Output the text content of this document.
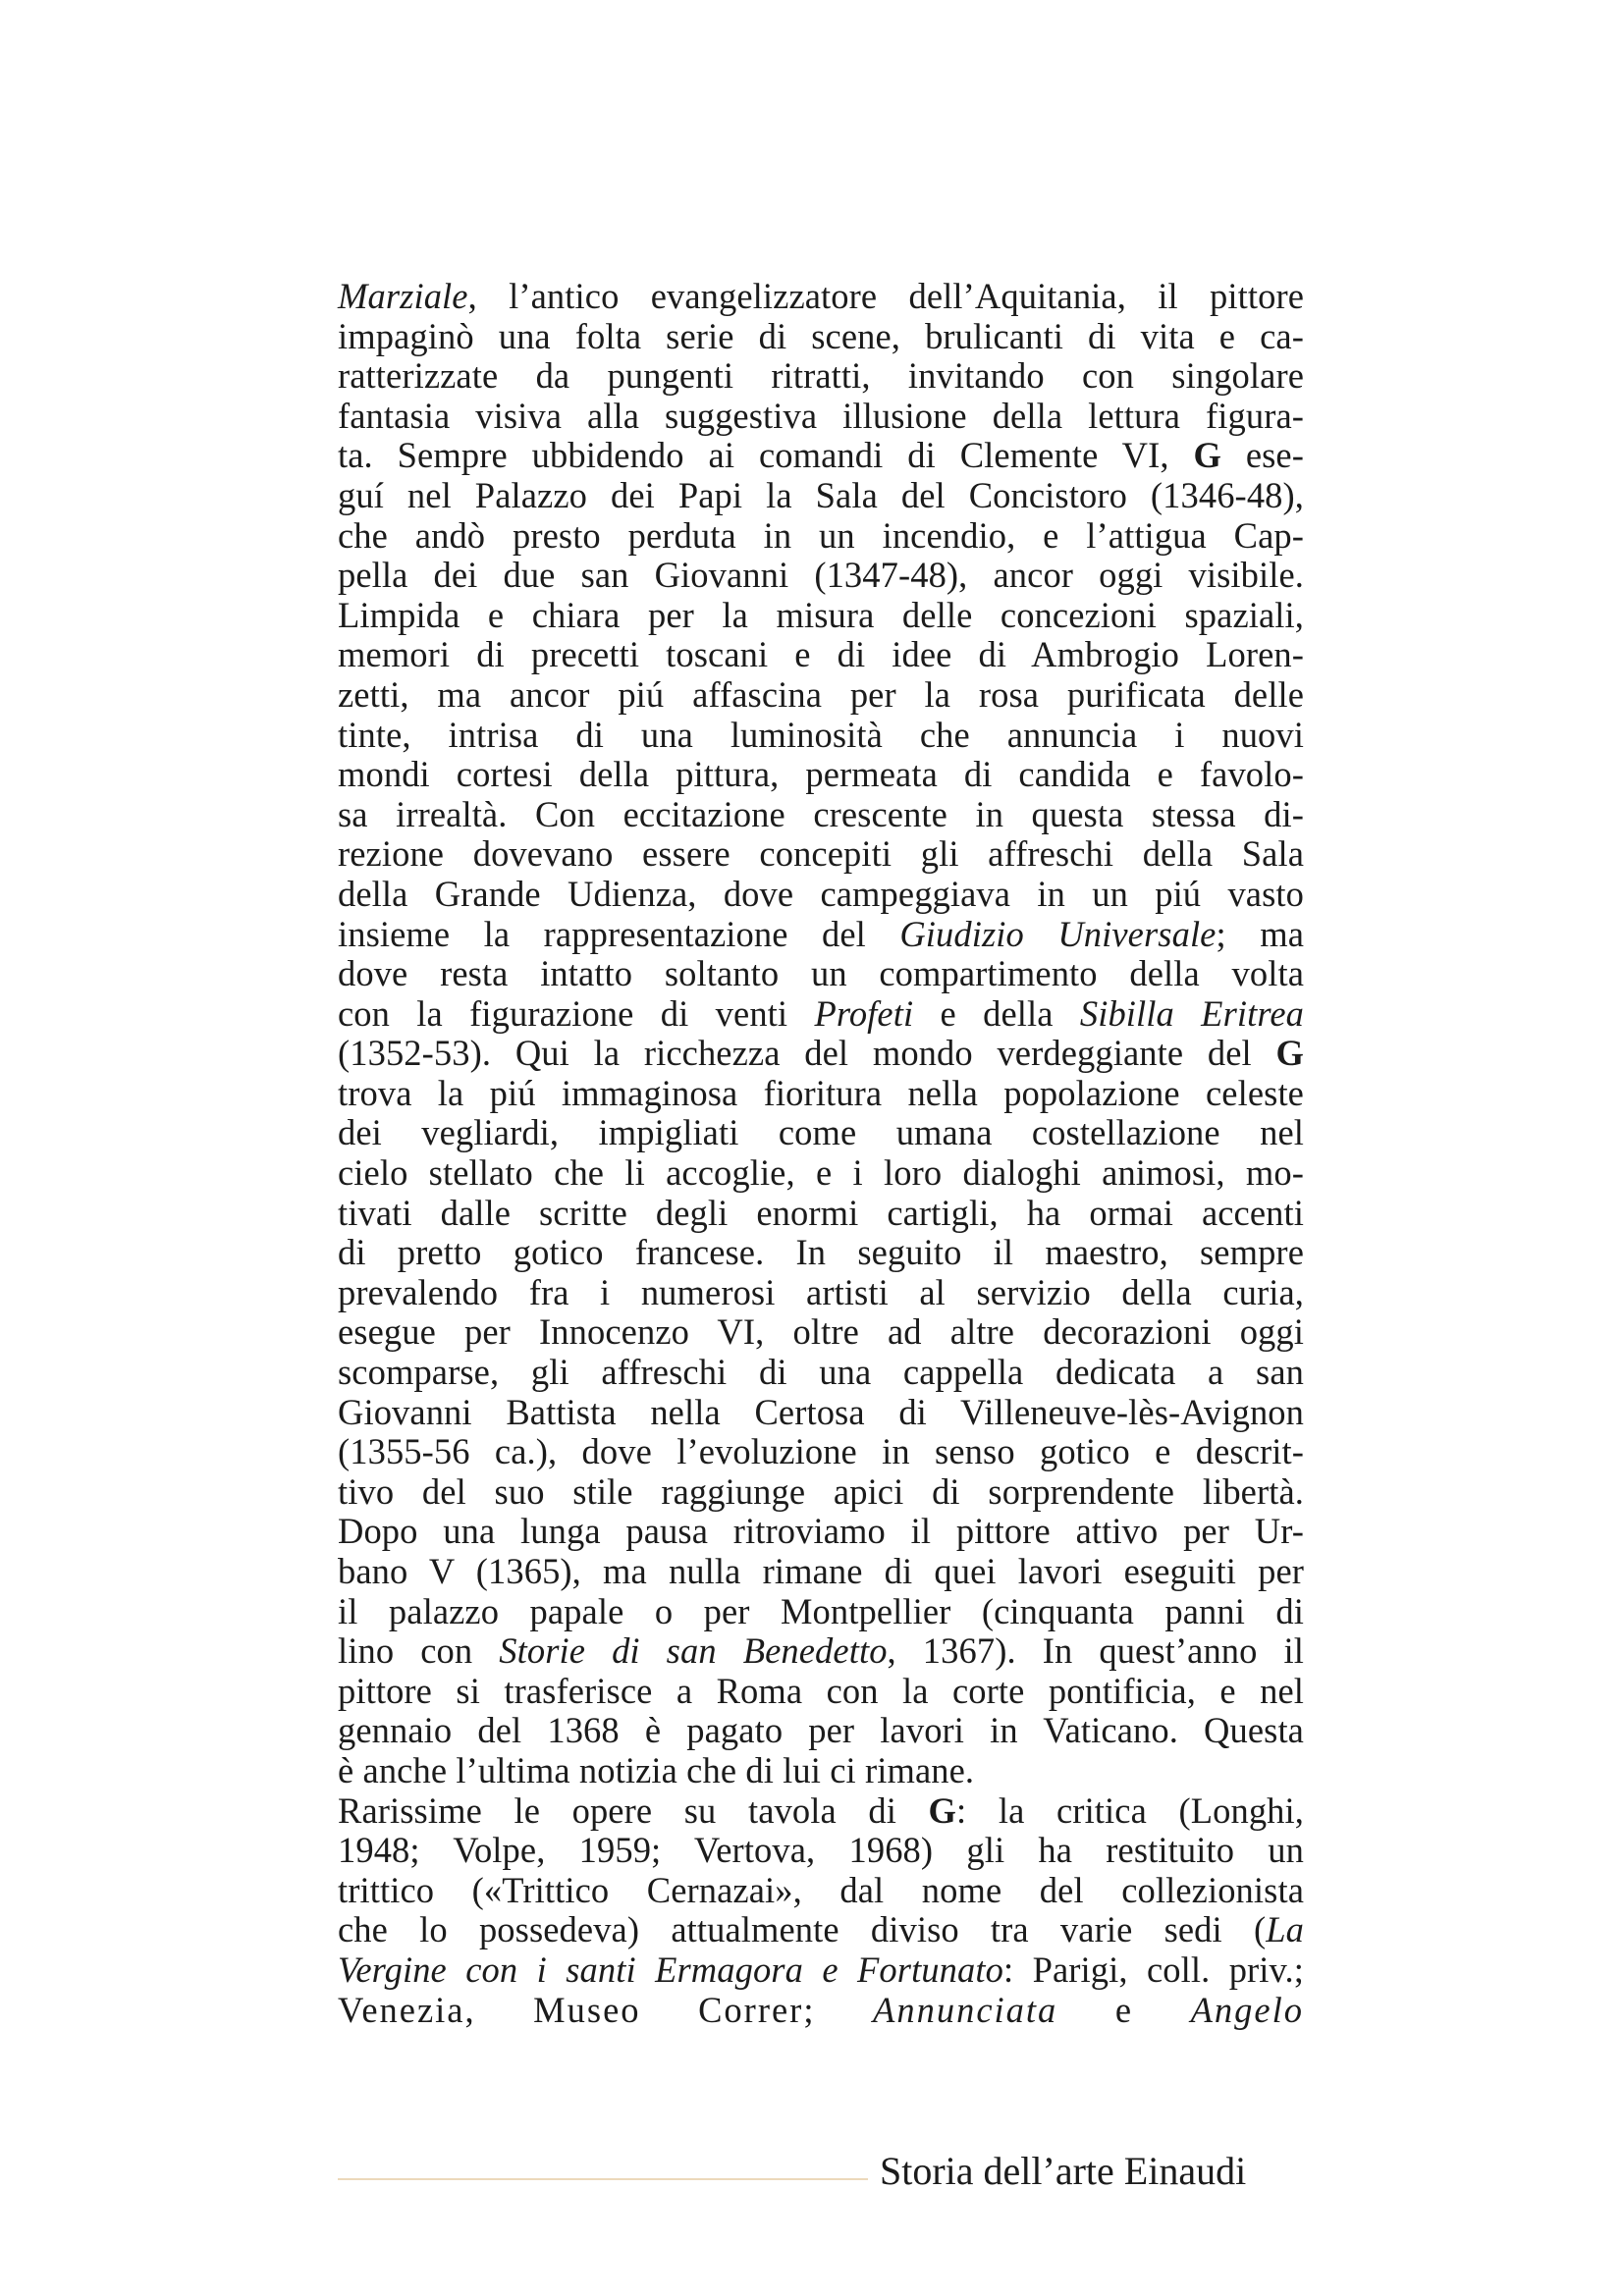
Marziale, l’antico evangelizzatore dell’Aquitania, il pittore
impaginò una folta serie di scene, brulicanti di vita e ca-
ratterizzate da pungenti ritratti, invitando con singolare
fantasia visiva alla suggestiva illusione della lettura figura-
ta. Sempre ubbidendo ai comandi di Clemente VI, G ese-
guí nel Palazzo dei Papi la Sala del Concistoro (1346-48),
che andò presto perduta in un incendio, e l’attigua Cap-
pella dei due san Giovanni (1347-48), ancor oggi visibile.
Limpida e chiara per la misura delle concezioni spaziali,
memori di precetti toscani e di idee di Ambrogio Loren-
zetti, ma ancor piú affascina per la rosa purificata delle
tinte, intrisa di una luminosità che annuncia i nuovi
mondi cortesi della pittura, permeata di candida e favolo-
sa irrealtà. Con eccitazione crescente in questa stessa di-
rezione dovevano essere concepiti gli affreschi della Sala
della Grande Udienza, dove campeggiava in un piú vasto
insieme la rappresentazione del Giudizio Universale; ma
dove resta intatto soltanto un compartimento della volta
con la figurazione di venti Profeti e della Sibilla Eritrea
(1352-53). Qui la ricchezza del mondo verdeggiante del G
trova la piú immaginosa fioritura nella popolazione celeste
dei vegliardi, impigliati come umana costellazione nel
cielo stellato che li accoglie, e i loro dialoghi animosi, mo-
tivati dalle scritte degli enormi cartigli, ha ormai accenti
di pretto gotico francese. In seguito il maestro, sempre
prevalendo fra i numerosi artisti al servizio della curia,
esegue per Innocenzo VI, oltre ad altre decorazioni oggi
scomparse, gli affreschi di una cappella dedicata a san
Giovanni Battista nella Certosa di Villeneuve-lès-Avignon
(1355-56 ca.), dove l’evoluzione in senso gotico e descrit-
tivo del suo stile raggiunge apici di sorprendente libertà.
Dopo una lunga pausa ritroviamo il pittore attivo per Ur-
bano V (1365), ma nulla rimane di quei lavori eseguiti per
il palazzo papale o per Montpellier (cinquanta panni di
lino con Storie di san Benedetto, 1367). In quest’anno il
pittore si trasferisce a Roma con la corte pontificia, e nel
gennaio del 1368 è pagato per lavori in Vaticano. Questa
è anche l’ultima notizia che di lui ci rimane.
Rarissime le opere su tavola di G: la critica (Longhi,
1948; Volpe, 1959; Vertova, 1968) gli ha restituito un
trittico («Trittico Cernazai», dal nome del collezionista
che lo possedeva) attualmente diviso tra varie sedi (La
Vergine con i santi Ermagora e Fortunato: Parigi, coll. priv.;
Venezia, Museo Correr; Annunciata e Angelo
Storia dell’arte Einaudi
